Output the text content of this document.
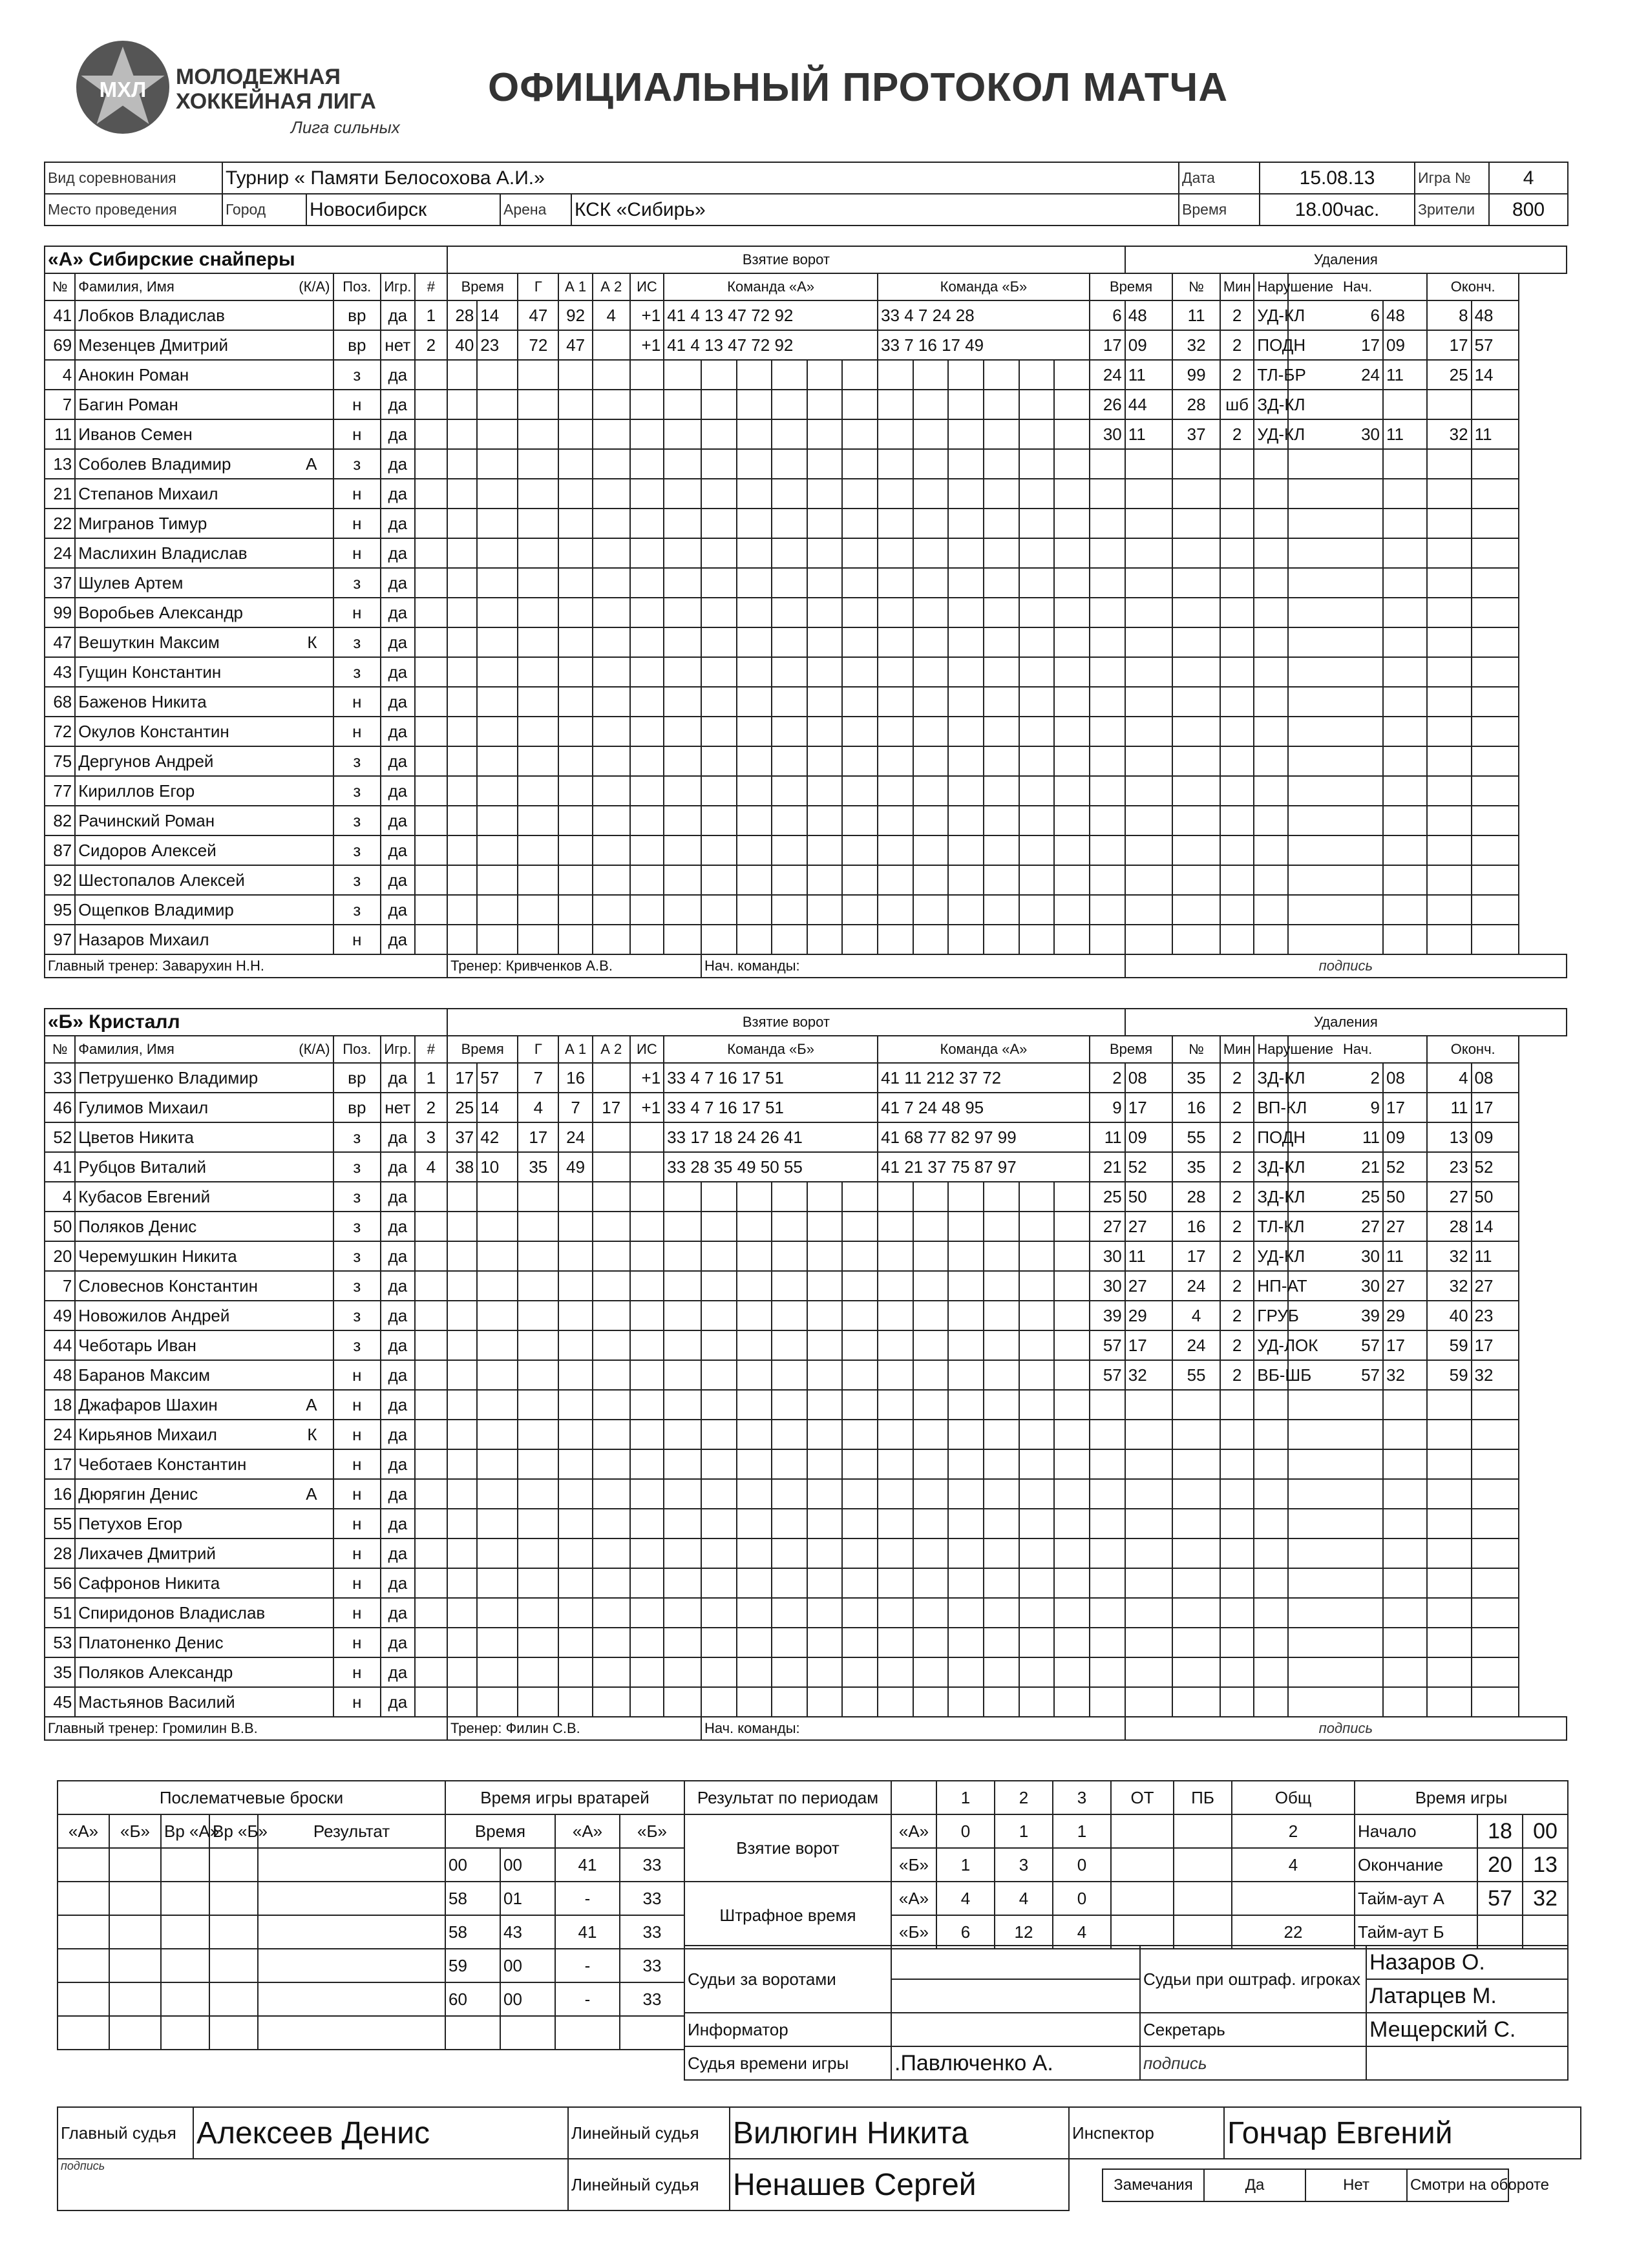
МХЛ
МОЛОДЕЖНАЯ
ХОККЕЙНАЯ ЛИГА
Лига сильных
ОФИЦИАЛЬНЫЙ ПРОТОКОЛ МАТЧА
Вид соревнования	Турнир « Памяти Белосохова А.И.»				Дата	15.08.13	Игра №	4
Место проведения	Город	Новосибирск	Арена	КСК «Сибирь»	Время	18.00час.	Зрители	800
«А» Сибирские снайперы					Взятие ворот																			Удаления							
№	Фамилия, Имя (К/А)	Поз.	Игр.	#	Время		Г	А 1	А 2	ИС	Команда «А»						Команда «Б»						Время		№	Мин	Нарушение	Нач.		Оконч.	
41	Лобков Владислав	вр	да	1	28	14	47	92	4	+1	41 4 13 47 72 92						33 4 7 24 28						6	48	11	2	УД-КЛ	6	48	8	48
69	Мезенцев Дмитрий	вр	нет	2	40	23	72	47		+1	41 4 13 47 72 92						33 7 16 17 49						17	09	32	2	ПОДН	17	09	17	57
4	Анокин Роман	з	да																				24	11	99	2	ТЛ-БР	24	11	25	14
7	Багин Роман	н	да																				26	44	28	шб	ЗД-КЛ				
11	Иванов Семен	н	да																				30	11	37	2	УД-КЛ	30	11	32	11
13	Соболев Владимир А	з	да																												
21	Степанов Михаил	н	да																												
22	Мигранов Тимур	н	да																												
24	Маслихин Владислав	н	да																												
37	Шулев Артем	з	да																												
99	Воробьев Александр	н	да																												
47	Вешуткин Максим К	з	да																												
43	Гущин Константин	з	да																												
68	Баженов Никита	н	да																												
72	Окулов Константин	н	да																												
75	Дергунов Андрей	з	да																												
77	Кириллов Егор	з	да																												
82	Рачинский Роман	з	да																												
87	Сидоров Алексей	з	да																												
92	Шестопалов Алексей	з	да																												
95	Ощепков Владимир	з	да																												
97	Назаров Михаил	н	да																												
Главный тренер: Заварухин Н.Н.					Тренер: Кривченков А.В.							Нач. команды:												подпись							
«Б» Кристалл					Взятие ворот																			Удаления							
№	Фамилия, Имя (К/А)	Поз.	Игр.	#	Время		Г	А 1	А 2	ИС	Команда «Б»						Команда «А»						Время		№	Мин	Нарушение	Нач.		Оконч.	
33	Петрушенко Владимир	вр	да	1	17	57	7	16		+1	33 4 7 16 17 51						41 11 212 37 72						2	08	35	2	ЗД-КЛ	2	08	4	08
46	Гулимов Михаил	вр	нет	2	25	14	4	7	17	+1	33 4 7 16 17 51						41 7 24 48 95						9	17	16	2	ВП-КЛ	9	17	11	17
52	Цветов Никита	з	да	3	37	42	17	24			33 17 18 24 26 41						41 68 77 82 97 99						11	09	55	2	ПОДН	11	09	13	09
41	Рубцов Виталий	з	да	4	38	10	35	49			33 28 35 49 50 55						41 21 37 75 87 97						21	52	35	2	ЗД-КЛ	21	52	23	52
4	Кубасов Евгений	з	да																				25	50	28	2	ЗД-КЛ	25	50	27	50
50	Поляков Денис	з	да																				27	27	16	2	ТЛ-КЛ	27	27	28	14
20	Черемушкин Никита	з	да																				30	11	17	2	УД-КЛ	30	11	32	11
7	Словеснов Константин	з	да																				30	27	24	2	НП-АТ	30	27	32	27
49	Новожилов Андрей	з	да																				39	29	4	2	ГРУБ	39	29	40	23
44	Чеботарь Иван	з	да																				57	17	24	2	УД-ЛОК	57	17	59	17
48	Баранов Максим	н	да																				57	32	55	2	ВБ-ШБ	57	32	59	32
18	Джафаров Шахин А	н	да																												
24	Кирьянов Михаил К	н	да																												
17	Чеботаев Константин	н	да																												
16	Дюрягин Денис А	н	да																												
55	Петухов Егор	н	да																												
28	Лихачев Дмитрий	н	да																												
56	Сафронов Никита	н	да																												
51	Спиридонов Владислав	н	да																												
53	Платоненко Денис	н	да																												
35	Поляков Александр	н	да																												
45	Мастьянов Василий	н	да																												
Главный тренер: Громилин В.В.					Тренер: Филин С.В.							Нач. команды:												подпись							
Послематчевые броски				
«А»	«Б»	Вр «А»	Вр «Б»	Результат

Время игры вратарей			
Время		«А»	«Б»
00	00	41	33
58	01	-	33
58	43	41	33
59	00	-	33
60	00	-	33

Результат по периодам		1	2	3	ОТ	ПБ	Общ
Взятие ворот	«А»	0	1	1			2
	«Б»	1	3	0			4
Штрафное время	«А»	4	4	0			
	«Б»	6	12	4			22
Время игры		
Начало	18	00
Окончание	20	13
Тайм-аут А	57	32
Тайм-аут Б		
Судьи за воротами		Судьи при оштраф. игроках	Назаров О.
			Латарцев М.
Информатор		Секретарь	Мещерский С.
Судья времени игры	.Павлюченко А.	подпись	
Главный судья	Алексеев Денис	Линейный судья	Вилюгин Никита	Инспектор	Гончар Евгений
подпись	Линейный судья	Ненашев Сергей		Замечания	Да	Нет	Смотри на обороте
